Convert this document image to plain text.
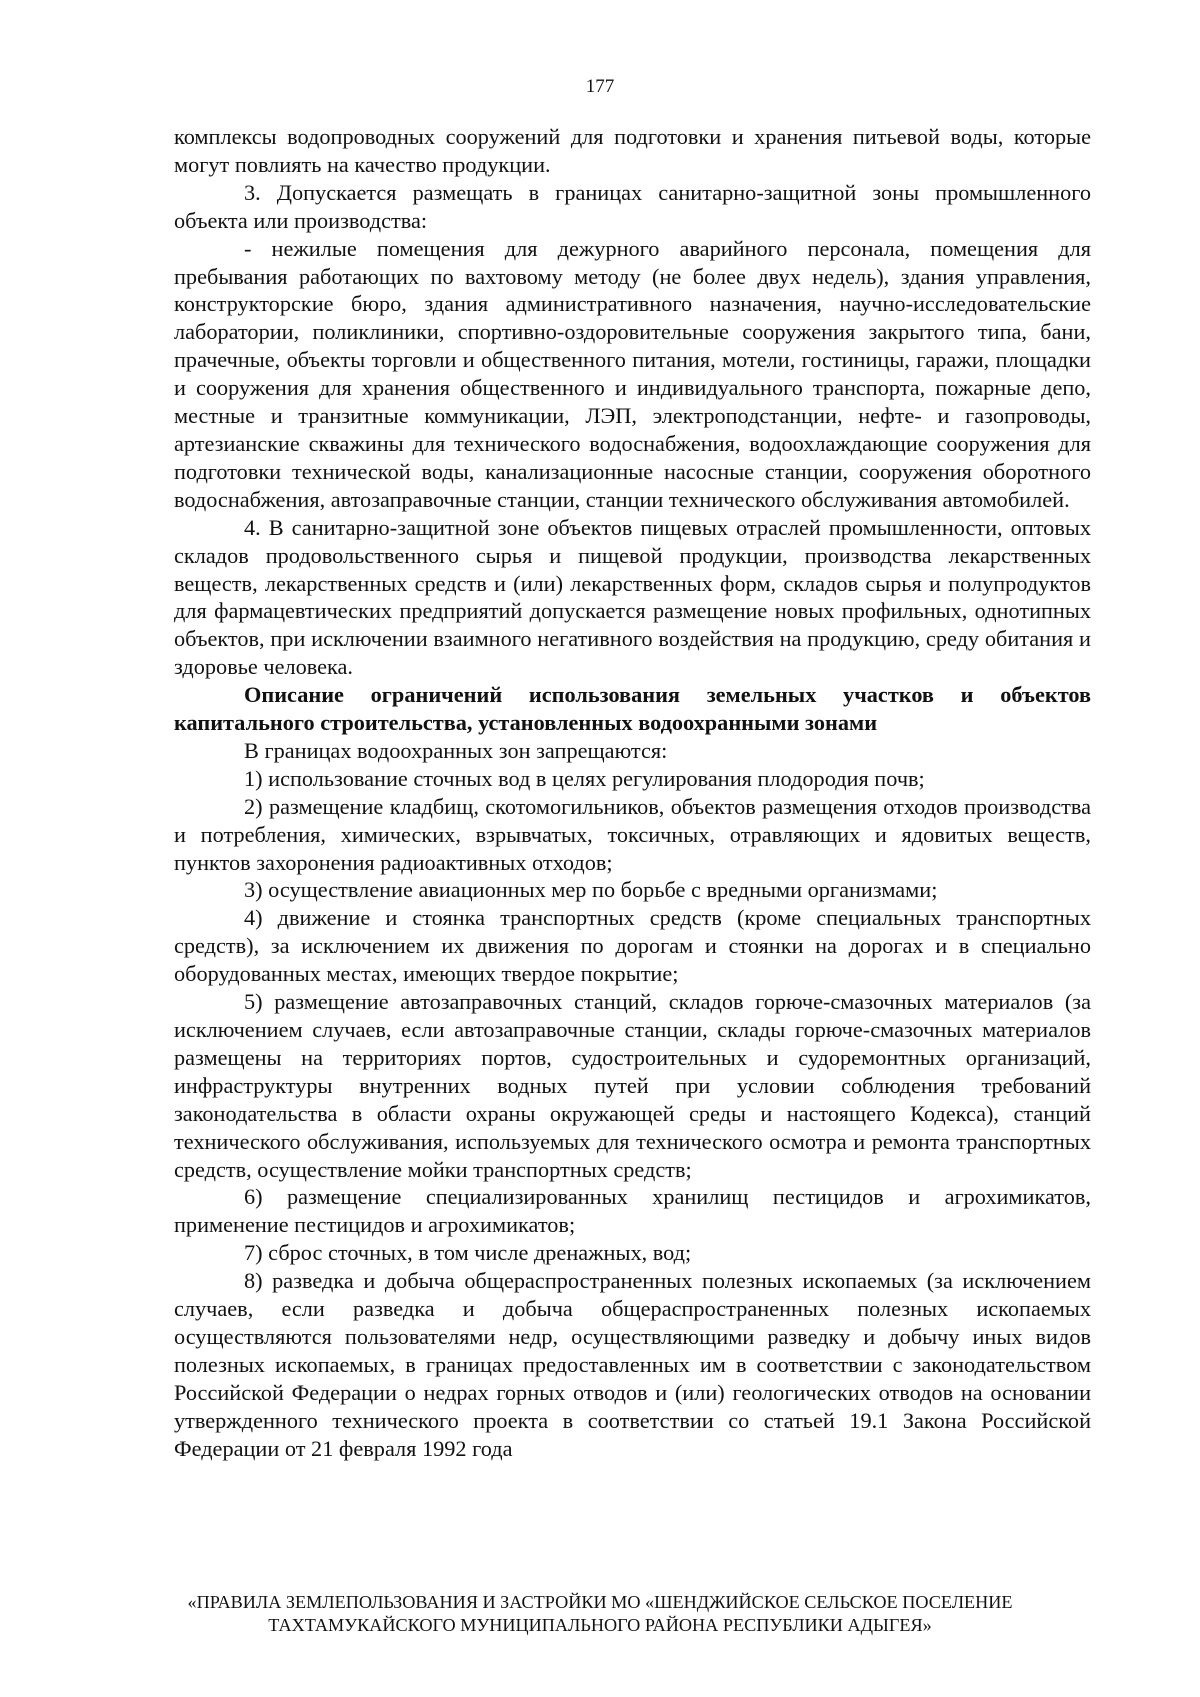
177

комплексы водопроводных сооружений для подготовки и хранения питьевой воды, которые могут повлиять на качество продукции.

3. Допускается размещать в границах санитарно-защитной зоны промышленного объекта или производства:

- нежилые помещения для дежурного аварийного персонала, помещения для пребывания работающих по вахтовому методу (не более двух недель), здания управления, конструкторские бюро, здания административного назначения, научно-исследовательские лаборатории, поликлиники, спортивно-оздоровительные сооружения закрытого типа, бани, прачечные, объекты торговли и общественного питания, мотели, гостиницы, гаражи, площадки и сооружения для хранения общественного и индивидуального транспорта, пожарные депо, местные и транзитные коммуникации, ЛЭП, электроподстанции, нефте- и газопроводы, артезианские скважины для технического водоснабжения, водоохлаждающие сооружения для подготовки технической воды, канализационные насосные станции, сооружения оборотного водоснабжения, автозаправочные станции, станции технического обслуживания автомобилей.

4. В санитарно-защитной зоне объектов пищевых отраслей промышленности, оптовых складов продовольственного сырья и пищевой продукции, производства лекарственных веществ, лекарственных средств и (или) лекарственных форм, складов сырья и полупродуктов для фармацевтических предприятий допускается размещение новых профильных, однотипных объектов, при исключении взаимного негативного воздействия на продукцию, среду обитания и здоровье человека.

Описание ограничений использования земельных участков и объектов капитального строительства, установленных водоохранными зонами

В границах водоохранных зон запрещаются:

1) использование сточных вод в целях регулирования плодородия почв;

2) размещение кладбищ, скотомогильников, объектов размещения отходов производства и потребления, химических, взрывчатых, токсичных, отравляющих и ядовитых веществ, пунктов захоронения радиоактивных отходов;

3) осуществление авиационных мер по борьбе с вредными организмами;

4) движение и стоянка транспортных средств (кроме специальных транспортных средств), за исключением их движения по дорогам и стоянки на дорогах и в специально оборудованных местах, имеющих твердое покрытие;

5) размещение автозаправочных станций, складов горюче-смазочных материалов (за исключением случаев, если автозаправочные станции, склады горюче-смазочных материалов размещены на территориях портов, судостроительных и судоремонтных организаций, инфраструктуры внутренних водных путей при условии соблюдения требований законодательства в области охраны окружающей среды и настоящего Кодекса), станций технического обслуживания, используемых для технического осмотра и ремонта транспортных средств, осуществление мойки транспортных средств;

6) размещение специализированных хранилищ пестицидов и агрохимикатов, применение пестицидов и агрохимикатов;

7) сброс сточных, в том числе дренажных, вод;

8) разведка и добыча общераспространенных полезных ископаемых (за исключением случаев, если разведка и добыча общераспространенных полезных ископаемых осуществляются пользователями недр, осуществляющими разведку и добычу иных видов полезных ископаемых, в границах предоставленных им в соответствии с законодательством Российской Федерации о недрах горных отводов и (или) геологических отводов на основании утвержденного технического проекта в соответствии со статьей 19.1 Закона Российской Федерации от 21 февраля 1992 года

«ПРАВИЛА ЗЕМЛЕПОЛЬЗОВАНИЯ И ЗАСТРОЙКИ МО «ШЕНДЖИЙСКОЕ СЕЛЬСКОЕ ПОСЕЛЕНИЕ
ТАХТАМУКАЙСКОГО МУНИЦИПАЛЬНОГО РАЙОНА РЕСПУБЛИКИ АДЫГЕЯ»
